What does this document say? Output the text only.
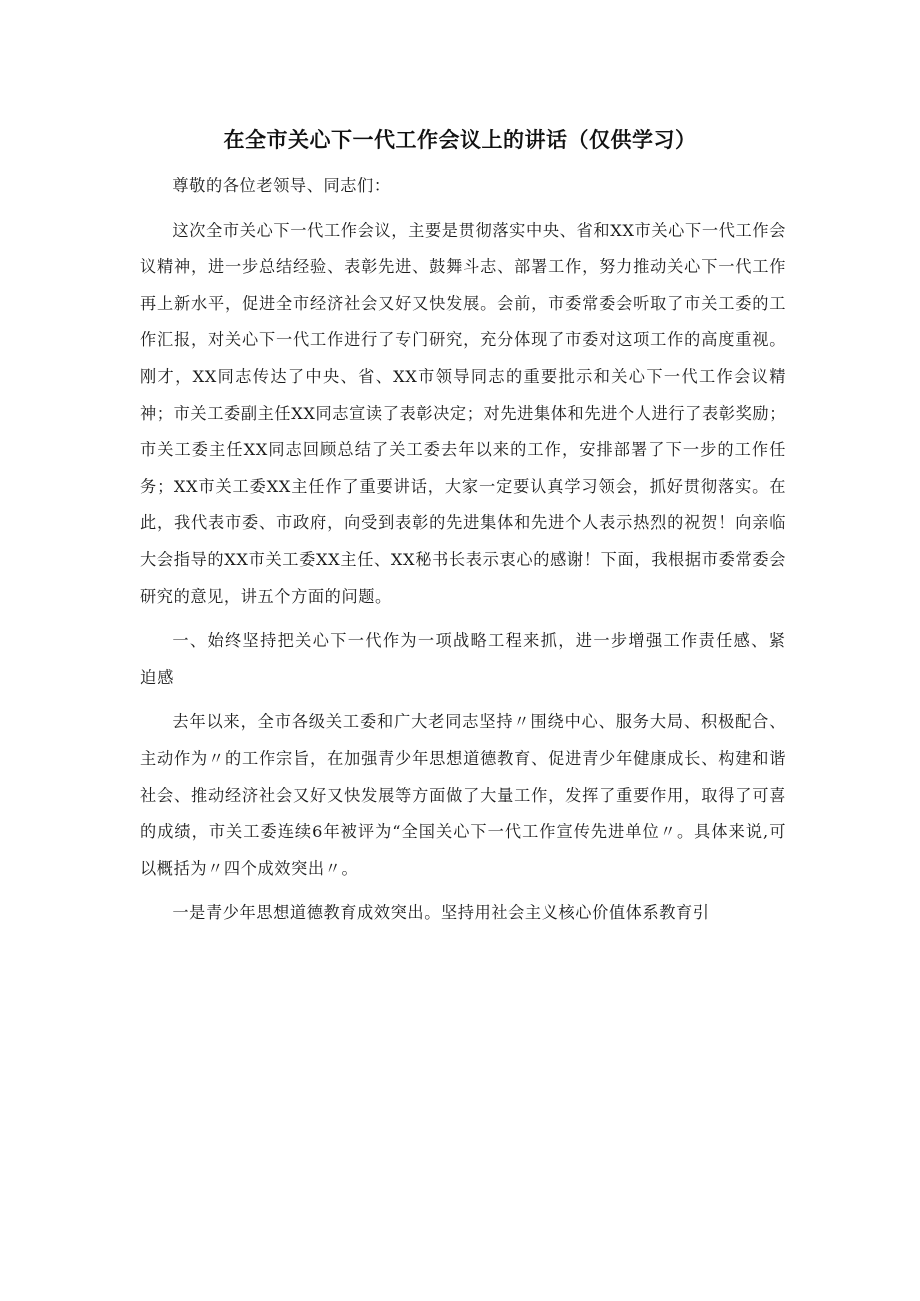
在全市关心下一代工作会议上的讲话（仅供学习）

尊敬的各位老领导、同志们：

这次全市关心下一代工作会议，主要是贯彻落实中央、省和XX市关心下一代工作会议精神，进一步总结经验、表彰先进、鼓舞斗志、部署工作，努力推动关心下一代工作再上新水平，促进全市经济社会又好又快发展。会前，市委常委会听取了市关工委的工作汇报，对关心下一代工作进行了专门研究，充分体现了市委对这项工作的高度重视。刚才，XX同志传达了中央、省、XX市领导同志的重要批示和关心下一代工作会议精神；市关工委副主任XX同志宣读了表彰决定；对先进集体和先进个人进行了表彰奖励；市关工委主任XX同志回顾总结了关工委去年以来的工作，安排部署了下一步的工作任务；XX市关工委XX主任作了重要讲话，大家一定要认真学习领会，抓好贯彻落实。在此，我代表市委、市政府，向受到表彰的先进集体和先进个人表示热烈的祝贺！向亲临大会指导的XX市关工委XX主任、XX秘书长表示衷心的感谢！下面，我根据市委常委会研究的意见，讲五个方面的问题。

一、始终坚持把关心下一代作为一项战略工程来抓，进一步增强工作责任感、紧迫感

去年以来，全市各级关工委和广大老同志坚持〃围绕中心、服务大局、积极配合、主动作为〃的工作宗旨，在加强青少年思想道德教育、促进青少年健康成长、构建和谐社会、推动经济社会又好又快发展等方面做了大量工作，发挥了重要作用，取得了可喜的成绩，市关工委连续6年被评为“全国关心下一代工作宣传先进单位〃。具体来说,可以概括为〃四个成效突出〃。

一是青少年思想道德教育成效突出。坚持用社会主义核心价值体系教育引
